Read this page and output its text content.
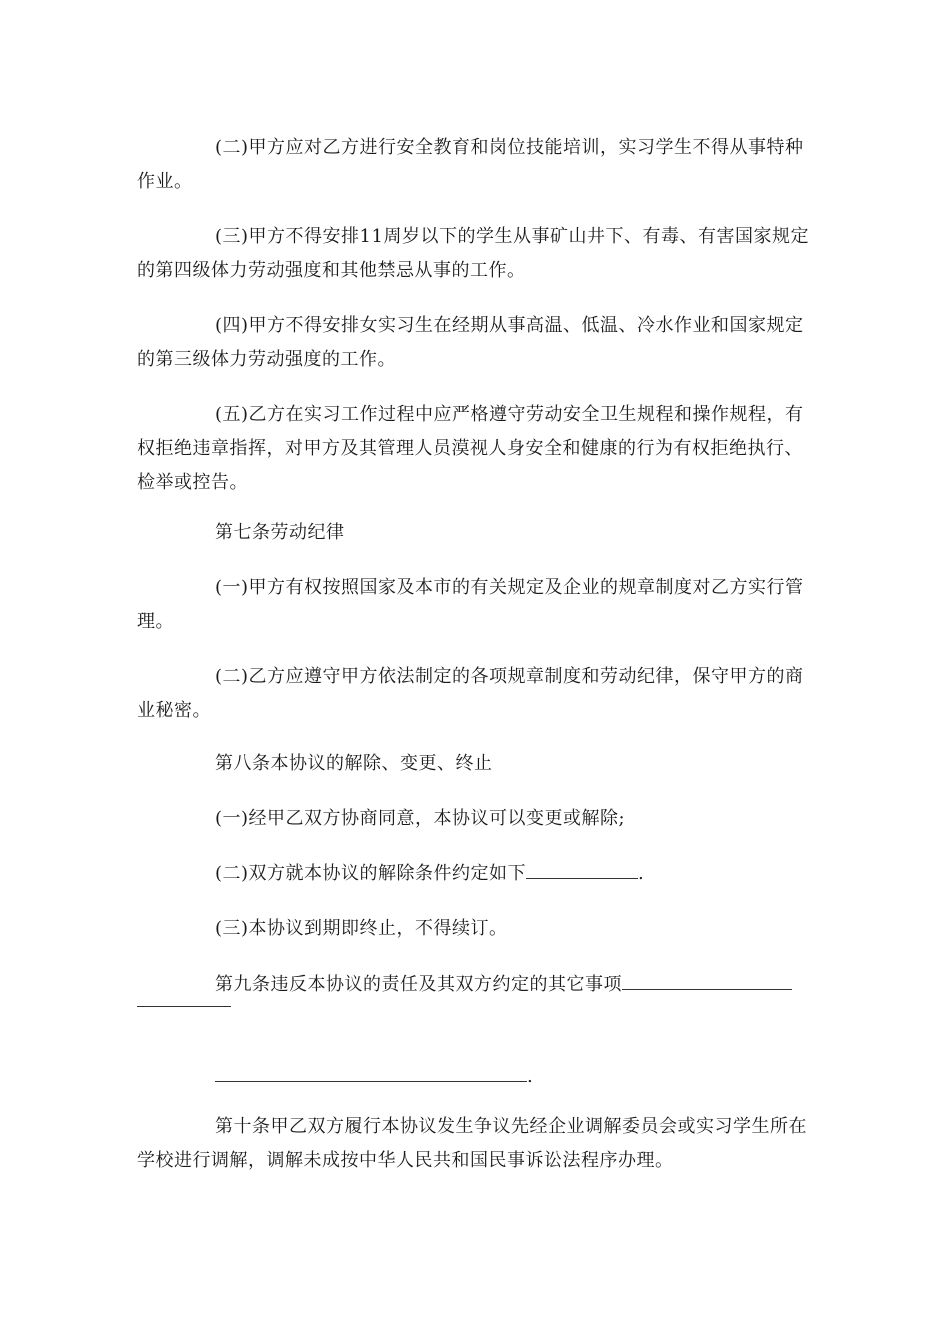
(二)甲方应对乙方进行安全教育和岗位技能培训，实习学生不得从事特种作业。

(三)甲方不得安排11周岁以下的学生从事矿山井下、有毒、有害国家规定的第四级体力劳动强度和其他禁忌从事的工作。

(四)甲方不得安排女实习生在经期从事高温、低温、冷水作业和国家规定的第三级体力劳动强度的工作。

(五)乙方在实习工作过程中应严格遵守劳动安全卫生规程和操作规程，有权拒绝违章指挥，对甲方及其管理人员漠视人身安全和健康的行为有权拒绝执行、检举或控告。

第七条劳动纪律

(一)甲方有权按照国家及本市的有关规定及企业的规章制度对乙方实行管理。

(二)乙方应遵守甲方依法制定的各项规章制度和劳动纪律，保守甲方的商业秘密。

第八条本协议的解除、变更、终止

(一)经甲乙双方协商同意，本协议可以变更或解除;

(二)双方就本协议的解除条件约定如下	.

(三)本协议到期即终止，不得续订。

第九条违反本协议的责任及其双方约定的其它事项

.

第十条甲乙双方履行本协议发生争议先经企业调解委员会或实习学生所在学校进行调解，调解未成按中华人民共和国民事诉讼法程序办理。
